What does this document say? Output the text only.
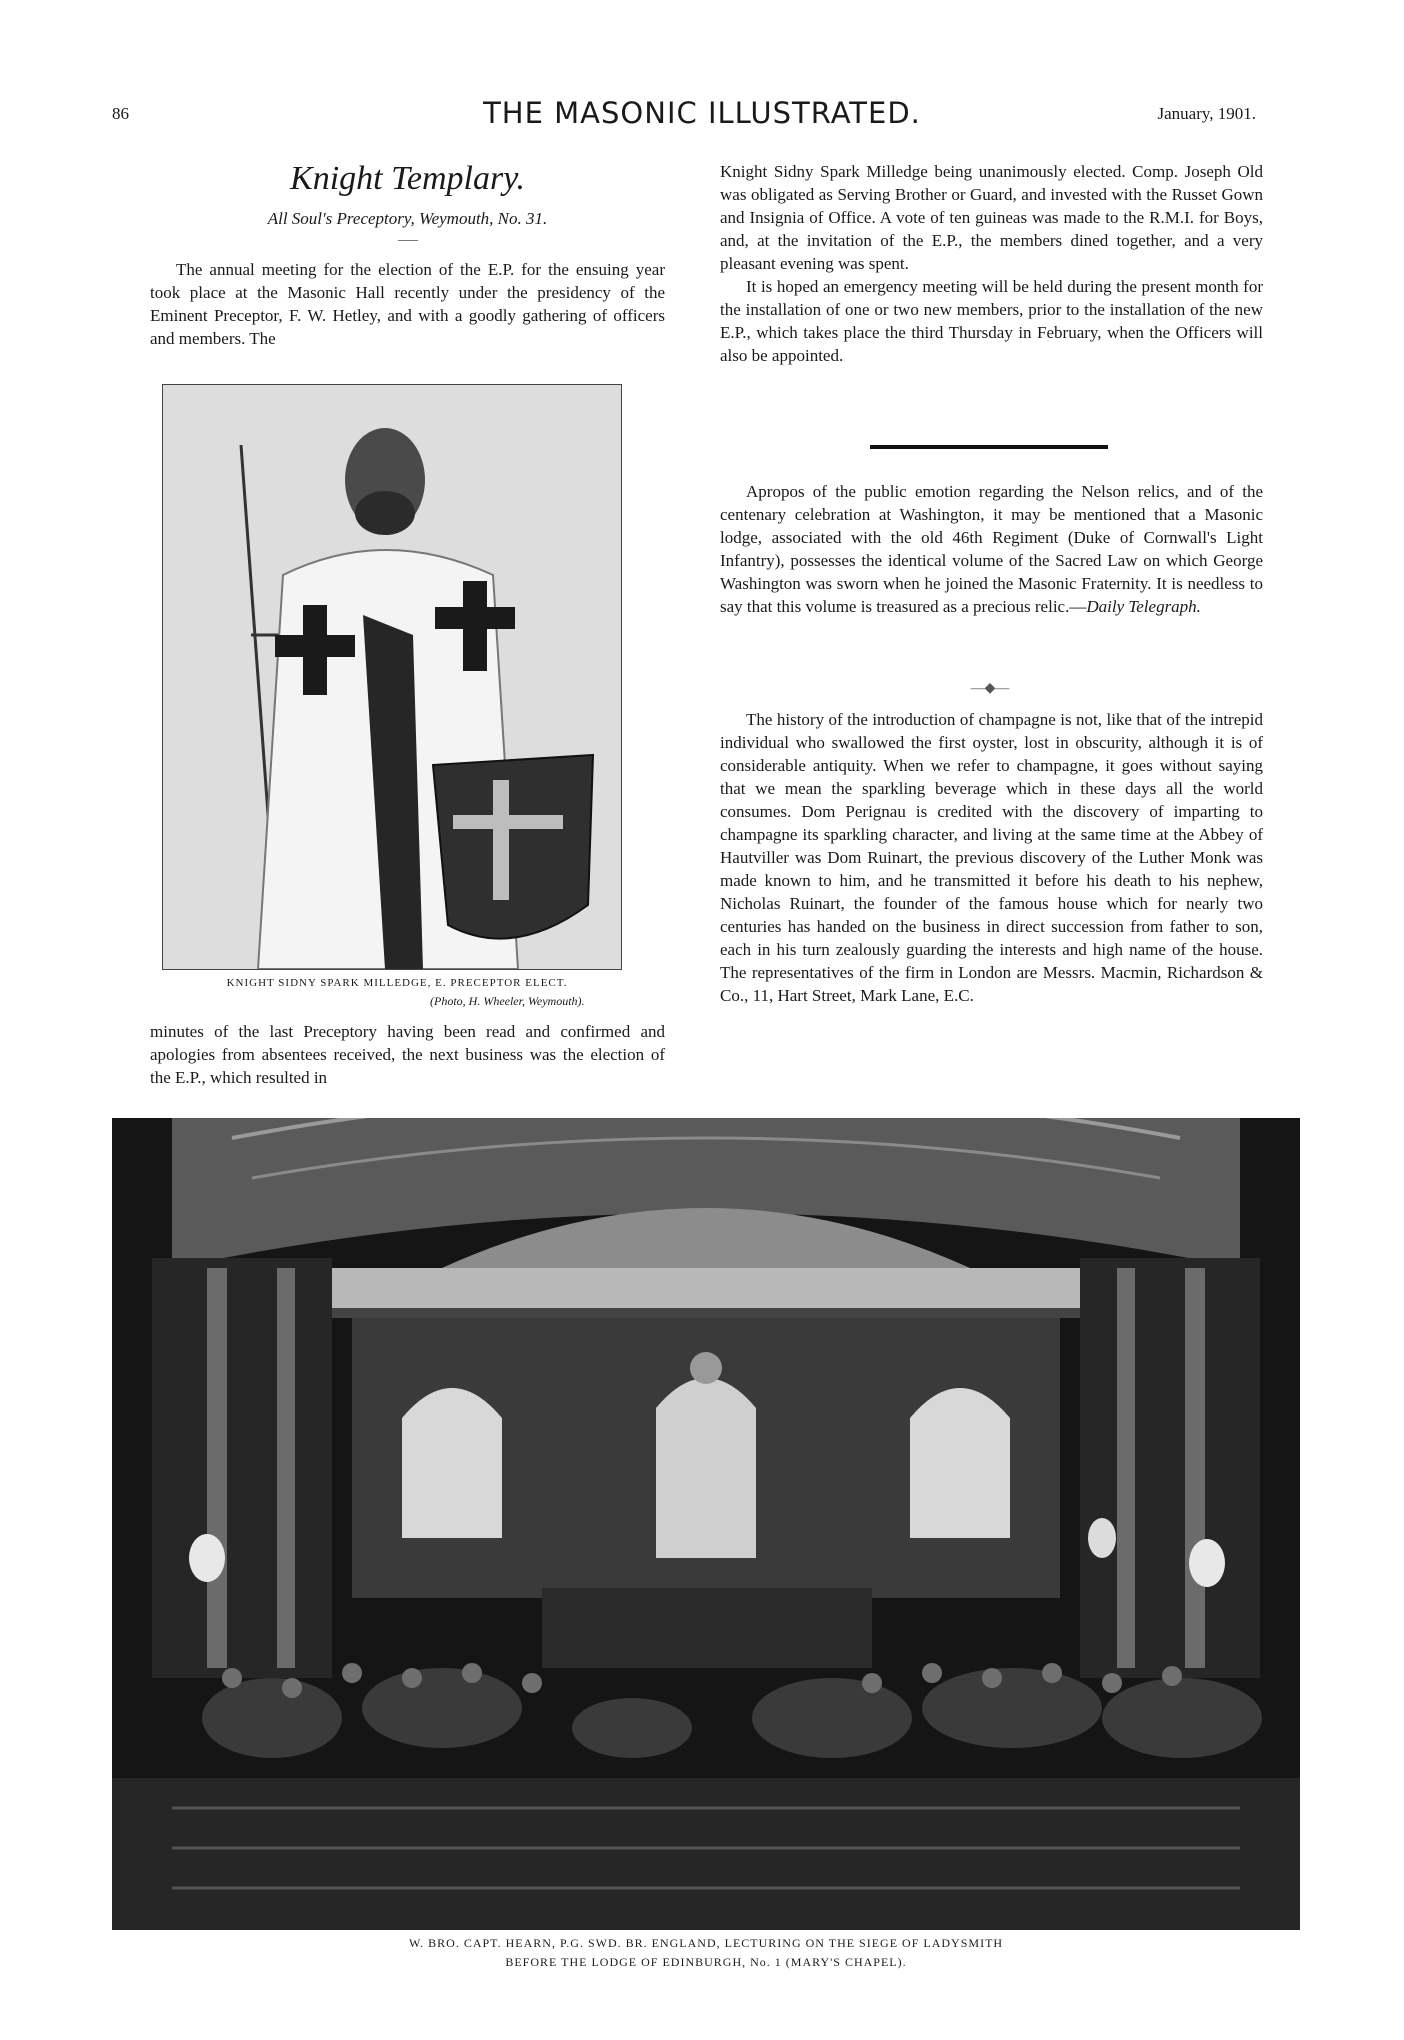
86	THE MASONIC ILLUSTRATED.	January, 1901.
Knight Templary.
All Soul's Preceptory, Weymouth, No. 31.

The annual meeting for the election of the E.P. for the ensuing year took place at the Masonic Hall recently under the presidency of the Eminent Preceptor, F. W. Hetley, and with a goodly gathering of officers and members. The

KNIGHT SIDNY SPARK MILLEDGE, E. PRECEPTOR ELECT.
(Photo, H. Wheeler, Weymouth).

minutes of the last Preceptory having been read and confirmed and apologies from absentees received, the next business was the election of the E.P., which resulted in

Knight Sidny Spark Milledge being unanimously elected. Comp. Joseph Old was obligated as Serving Brother or Guard, and invested with the Russet Gown and Insignia of Office. A vote of ten guineas was made to the R.M.I. for Boys, and, at the invitation of the E.P., the members dined together, and a very pleasant evening was spent.

It is hoped an emergency meeting will be held during the present month for the installation of one or two new members, prior to the installation of the new E.P., which takes place the third Thursday in February, when the Officers will also be appointed.

Apropos of the public emotion regarding the Nelson relics, and of the centenary celebration at Washington, it may be mentioned that a Masonic lodge, associated with the old 46th Regiment (Duke of Cornwall's Light Infantry), possesses the identical volume of the Sacred Law on which George Washington was sworn when he joined the Masonic Fraternity. It is needless to say that this volume is treasured as a precious relic.—Daily Telegraph.

—◆—

The history of the introduction of champagne is not, like that of the intrepid individual who swallowed the first oyster, lost in obscurity, although it is of considerable antiquity. When we refer to champagne, it goes without saying that we mean the sparkling beverage which in these days all the world consumes. Dom Perignau is credited with the discovery of imparting to champagne its sparkling character, and living at the same time at the Abbey of Hautviller was Dom Ruinart, the previous discovery of the Luther Monk was made known to him, and he transmitted it before his death to his nephew, Nicholas Ruinart, the founder of the famous house which for nearly two centuries has handed on the business in direct succession from father to son, each in his turn zealously guarding the interests and high name of the house. The representatives of the firm in London are Messrs. Macmin, Richardson & Co., 11, Hart Street, Mark Lane, E.C.

W. BRO. CAPT. HEARN, P.G. SWD. BR. ENGLAND, LECTURING ON THE SIEGE OF LADYSMITH
BEFORE THE LODGE OF EDINBURGH, No. 1 (MARY'S CHAPEL).
